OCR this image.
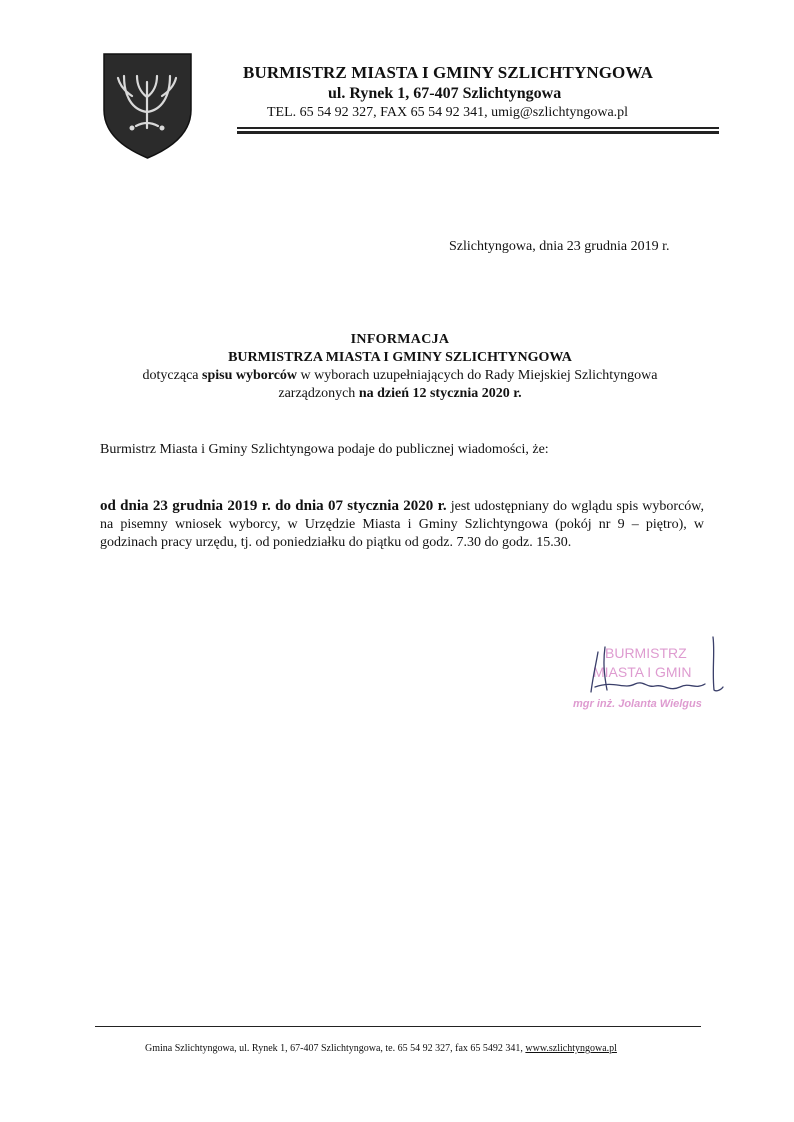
BURMISTRZ MIASTA I GMINY SZLICHTYNGOWA
ul. Rynek 1, 67-407 Szlichtyngowa
TEL. 65 54 92 327, FAX 65 54 92 341, umig@szlichtyngowa.pl
Szlichtyngowa, dnia 23 grudnia 2019 r.
INFORMACJA
BURMISTRZA MIASTA I GMINY SZLICHTYNGOWA
dotycząca spisu wyborców w wyborach uzupełniających do Rady Miejskiej Szlichtyngowa
zarządzonych na dzień 12 stycznia 2020 r.
Burmistrz Miasta i Gminy Szlichtyngowa podaje do publicznej wiadomości, że:
od dnia 23 grudnia 2019 r. do dnia 07 stycznia 2020 r. jest udostępniany do wglądu spis wyborców, na pisemny wniosek wyborcy, w Urzędzie Miasta i Gminy Szlichtyngowa (pokój nr 9 – piętro), w godzinach pracy urzędu, tj. od poniedziałku do piątku od godz. 7.30 do godz. 15.30.
BURMISTRZ
MIASTA I GMIN
mgr inż. Jolanta Wielgus
Gmina Szlichtyngowa, ul. Rynek 1, 67-407 Szlichtyngowa, te. 65 54 92 327, fax 65 5492 341, www.szlichtyngowa.pl
